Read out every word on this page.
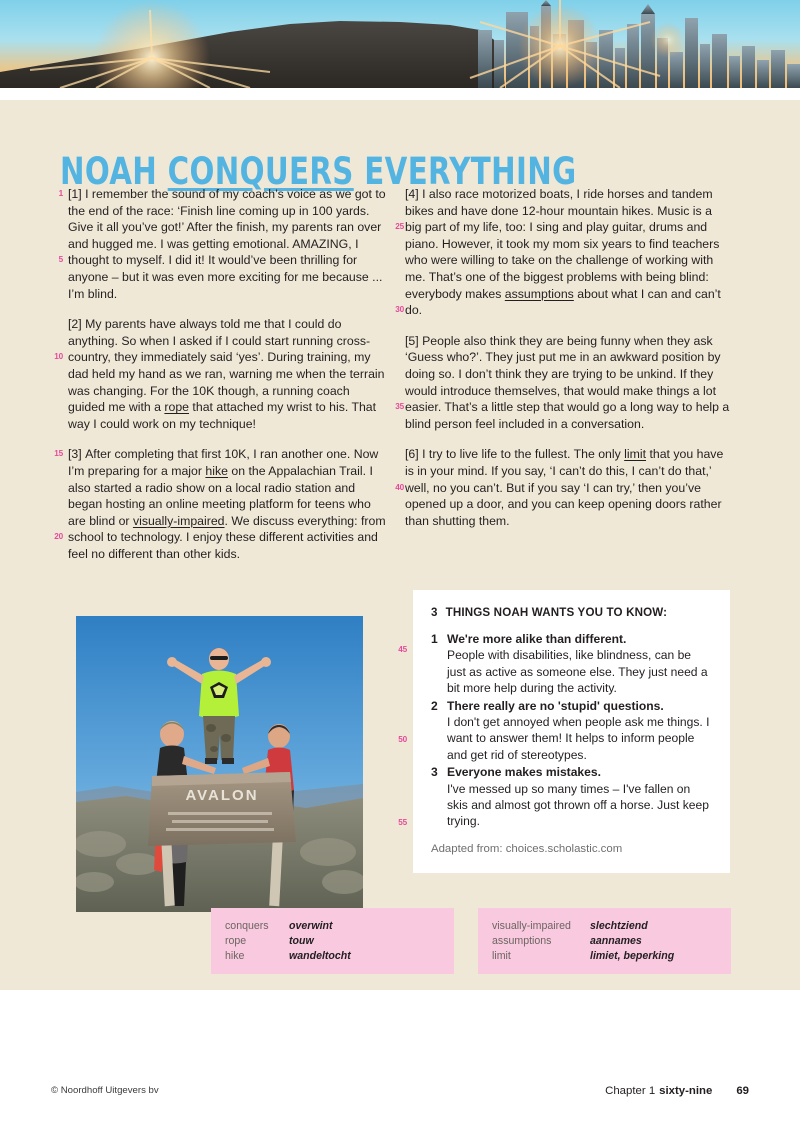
NOAH CONQUERS EVERYTHING

1
5
[1] I remember the sound of my coach’s voice as we got to the end of the race: ‘Finish line coming up in 100 yards. Give it all you’ve got!’ After the finish, my parents ran over and hugged me. I was getting emotional. AMAZING, I thought to myself. I did it! It would’ve been thrilling for anyone – but it was even more exciting for me because ... I’m blind.

10
[2] My parents have always told me that I could do anything. So when I asked if I could start running cross-country, they immediately said ‘yes’. During training, my dad held my hand as we ran, warning me when the terrain was changing. For the 10K though, a running coach guided me with a rope that attached my wrist to his. That way I could work on my technique!

15
20
[3] After completing that first 10K, I ran another one. Now I’m preparing for a major hike on the Appalachian Trail. I also started a radio show on a local radio station and began hosting an online meeting platform for teens who are blind or visually-impaired. We discuss everything: from school to technology. I enjoy these different activities and feel no different than other kids.

25
30
[4] I also race motorized boats, I ride horses and tandem bikes and have done 12-hour mountain hikes. Music is a big part of my life, too: I sing and play guitar, drums and piano. However, it took my mom six years to find teachers who were willing to take on the challenge of working with me. That’s one of the biggest problems with being blind: everybody makes assumptions about what I can and can’t do.

35
[5] People also think they are being funny when they ask ‘Guess who?’. They just put me in an awkward position by doing so. I don’t think they are trying to be unkind. If they would introduce themselves, that would make things a lot easier. That’s a little step that would go a long way to help a blind person feel included in a conversation.

40
[6] I try to live life to the fullest. The only limit that you have is in your mind. If you say, ‘I can’t do this, I can’t do that,’ well, no you can’t. But if you say ‘I can try,’ then you’ve opened up a door, and you can keep opening doors rather than shutting them.

AVALON
45
50
55
3 THINGS NOAH WANTS YOU TO KNOW:
1 We're more alike than different.
People with disabilities, like blindness, can be just as active as someone else. They just need a bit more help during the activity.
2 There really are no 'stupid' questions.
I don't get annoyed when people ask me things. I want to answer them! It helps to inform people and get rid of stereotypes.
3 Everyone makes mistakes.
I've messed up so many times – I've fallen on skis and almost got thrown off a horse. Just keep trying.
Adapted from: choices.scholastic.com
conquers	overwint
rope	touw
hike	wandeltocht
visually-impaired	slechtziend
assumptions	aannames
limit	limiet, beperking
© Noordhoff Uitgevers bv	Chapter 1 sixty-nine 69
